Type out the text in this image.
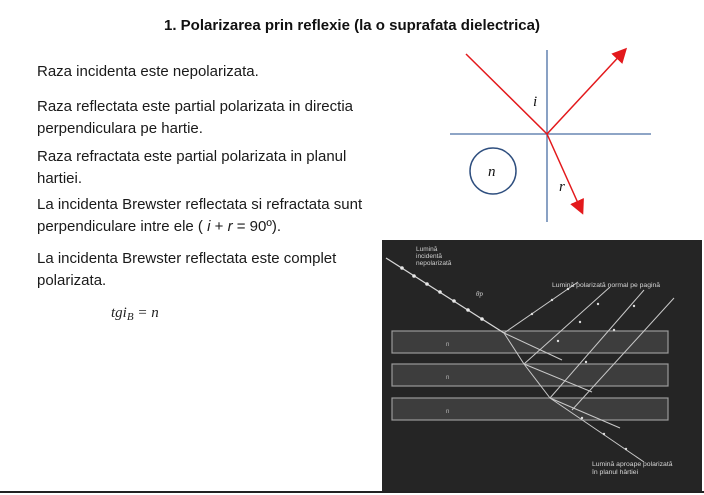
1. Polarizarea prin reflexie (la o suprafata dielectrica)
Raza incidenta este nepolarizata.
Raza reflectata este partial polarizata in directia
perpendiculara pe hartie.
Raza refractata este partial polarizata in planul
hartiei.
La incidenta Brewster reflectata si refractata sunt
perpendiculare intre ele ( i + r = 90º).
La incidenta Brewster reflectata este complet
polarizata.
tgi$_B$ = n
i
r
n
n
n
n
Lumină incidentă nepolarizată
θp
Lumină polarizată normal pe pagină
Lumină aproape polarizată în planul hârtiei
